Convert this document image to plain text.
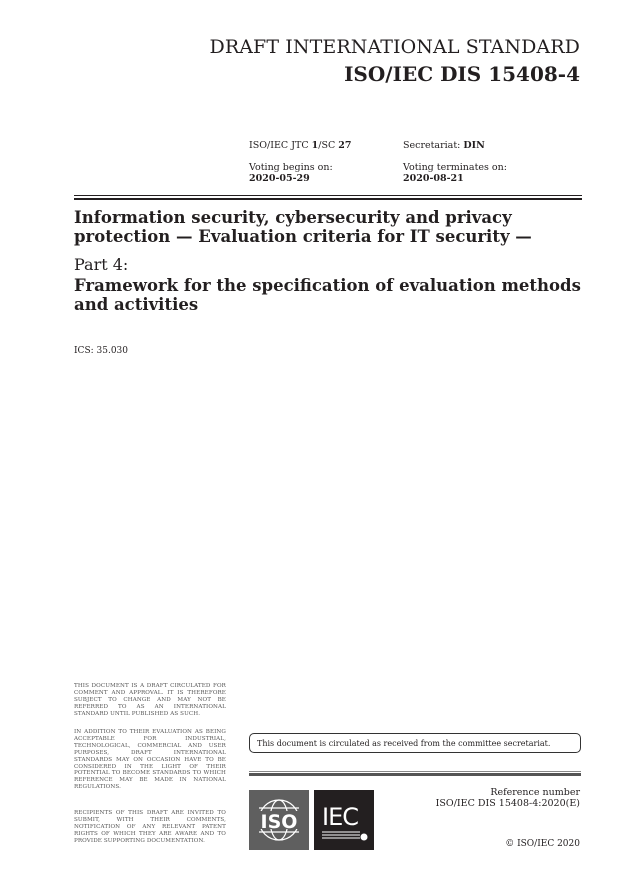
DRAFT INTERNATIONAL STANDARD
ISO/IEC DIS 15408-4
ISO/IEC JTC 1/SC 27	Secretariat: DIN
Voting begins on:
2020-05-29
Voting terminates on:
2020-08-21
Information security, cybersecurity and privacy protection — Evaluation criteria for IT security —
Part 4:
Framework for the specification of evaluation methods and activities
ICS: 35.030
THIS DOCUMENT IS A DRAFT CIRCULATED FOR COMMENT AND APPROVAL. IT IS THEREFORE SUBJECT TO CHANGE AND MAY NOT BE REFERRED TO AS AN INTERNATIONAL STANDARD UNTIL PUBLISHED AS SUCH.
IN ADDITION TO THEIR EVALUATION AS BEING ACCEPTABLE FOR INDUSTRIAL, TECHNOLOGICAL, COMMERCIAL AND USER PURPOSES, DRAFT INTERNATIONAL STANDARDS MAY ON OCCASION HAVE TO BE CONSIDERED IN THE LIGHT OF THEIR POTENTIAL TO BECOME STANDARDS TO WHICH REFERENCE MAY BE MADE IN NATIONAL REGULATIONS.
RECIPIENTS OF THIS DRAFT ARE INVITED TO SUBMIT, WITH THEIR COMMENTS, NOTIFICATION OF ANY RELEVANT PATENT RIGHTS OF WHICH THEY ARE AWARE AND TO PROVIDE SUPPORTING DOCUMENTATION.
This document is circulated as received from the committee secretariat.
ISO IEC
Reference number
ISO/IEC DIS 15408-4:2020(E)
© ISO/IEC 2020
